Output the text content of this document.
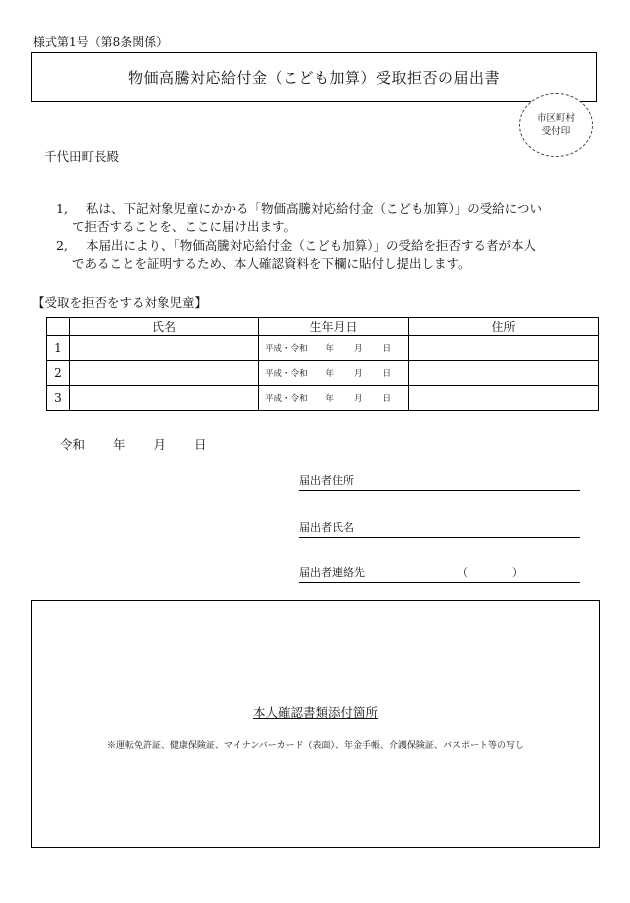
様式第1号（第8条関係）
物価高騰対応給付金（こども加算）受取拒否の届出書
市区町村
受付印
千代田町長殿
1, 私は、下記対象児童にかかる「物価高騰対応給付金（こども加算）」の受給につい
て拒否することを、ここに届け出ます。
2, 本届出により、「物価高騰対応給付金（こども加算）」の受給を拒否する者が本人
であることを証明するため、本人確認資料を下欄に貼付し提出します。
【受取を拒否をする対象児童】
	氏名	生年月日	住所
1		平成・令和 年 月 日	
2		平成・令和 年 月 日	
3		平成・令和 年 月 日	
令和 年 月 日
届出者住所
届出者氏名
届出者連絡先	（　　　　）
本人確認書類添付箇所
※運転免許証、健康保険証、マイナンバーカード（表面）、年金手帳、介護保険証、パスポート等の写し
